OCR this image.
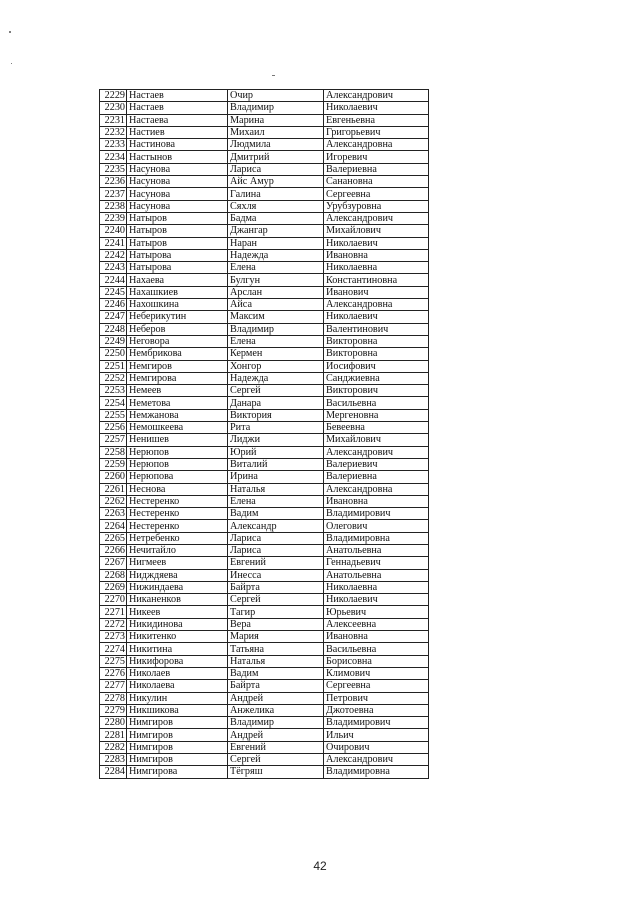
2229	Настаев	Очир	Александрович
2230	Настаев	Владимир	Николаевич
2231	Настаева	Марина	Евгеньевна
2232	Настиев	Михаил	Григорьевич
2233	Настинова	Людмила	Александровна
2234	Настынов	Дмитрий	Игоревич
2235	Насунова	Лариса	Валериевна
2236	Насунова	Айс Амур	Санановна
2237	Насунова	Галина	Сергеевна
2238	Насунова	Сяхля	Урубзуровна
2239	Натыров	Бадма	Александрович
2240	Натыров	Джангар	Михайлович
2241	Натыров	Наран	Николаевич
2242	Натырова	Надежда	Ивановна
2243	Натырова	Елена	Николаевна
2244	Нахаева	Булгун	Константиновна
2245	Нахашкиев	Арслан	Иванович
2246	Нахошкина	Айса	Александровна
2247	Неберикутин	Максим	Николаевич
2248	Неберов	Владимир	Валентинович
2249	Неговора	Елена	Викторовна
2250	Нембрикова	Кермен	Викторовна
2251	Немгиров	Хонгор	Иосифович
2252	Немгирова	Надежда	Санджиевна
2253	Немеев	Сергей	Викторович
2254	Неметова	Данара	Васильевна
2255	Немжанова	Виктория	Мергеновна
2256	Немошкеева	Рита	Бевеевна
2257	Ненишев	Лиджи	Михайлович
2258	Нерюпов	Юрий	Александрович
2259	Нерюпов	Виталий	Валериевич
2260	Нерюпова	Ирина	Валериевна
2261	Неснова	Наталья	Александровна
2262	Нестеренко	Елена	Ивановна
2263	Нестеренко	Вадим	Владимирович
2264	Нестеренко	Александр	Олегович
2265	Нетребенко	Лариса	Владимировна
2266	Нечитайло	Лариса	Анатольевна
2267	Нигмеев	Евгений	Геннадьевич
2268	Нидждяева	Инесса	Анатольевна
2269	Нижиндаева	Байрта	Николаевна
2270	Никаненков	Сергей	Николаевич
2271	Никеев	Тагир	Юрьевич
2272	Никидинова	Вера	Алексеевна
2273	Никитенко	Мария	Ивановна
2274	Никитина	Татьяна	Васильевна
2275	Никифорова	Наталья	Борисовна
2276	Николаев	Вадим	Климович
2277	Николаева	Байрта	Сергеевна
2278	Никулин	Андрей	Петрович
2279	Никшикова	Анжелика	Джотоевна
2280	Нимгиров	Владимир	Владимирович
2281	Нимгиров	Андрей	Ильич
2282	Нимгиров	Евгений	Очирович
2283	Нимгиров	Сергей	Александрович
2284	Нимгирова	Тёгряш	Владимировна
42
